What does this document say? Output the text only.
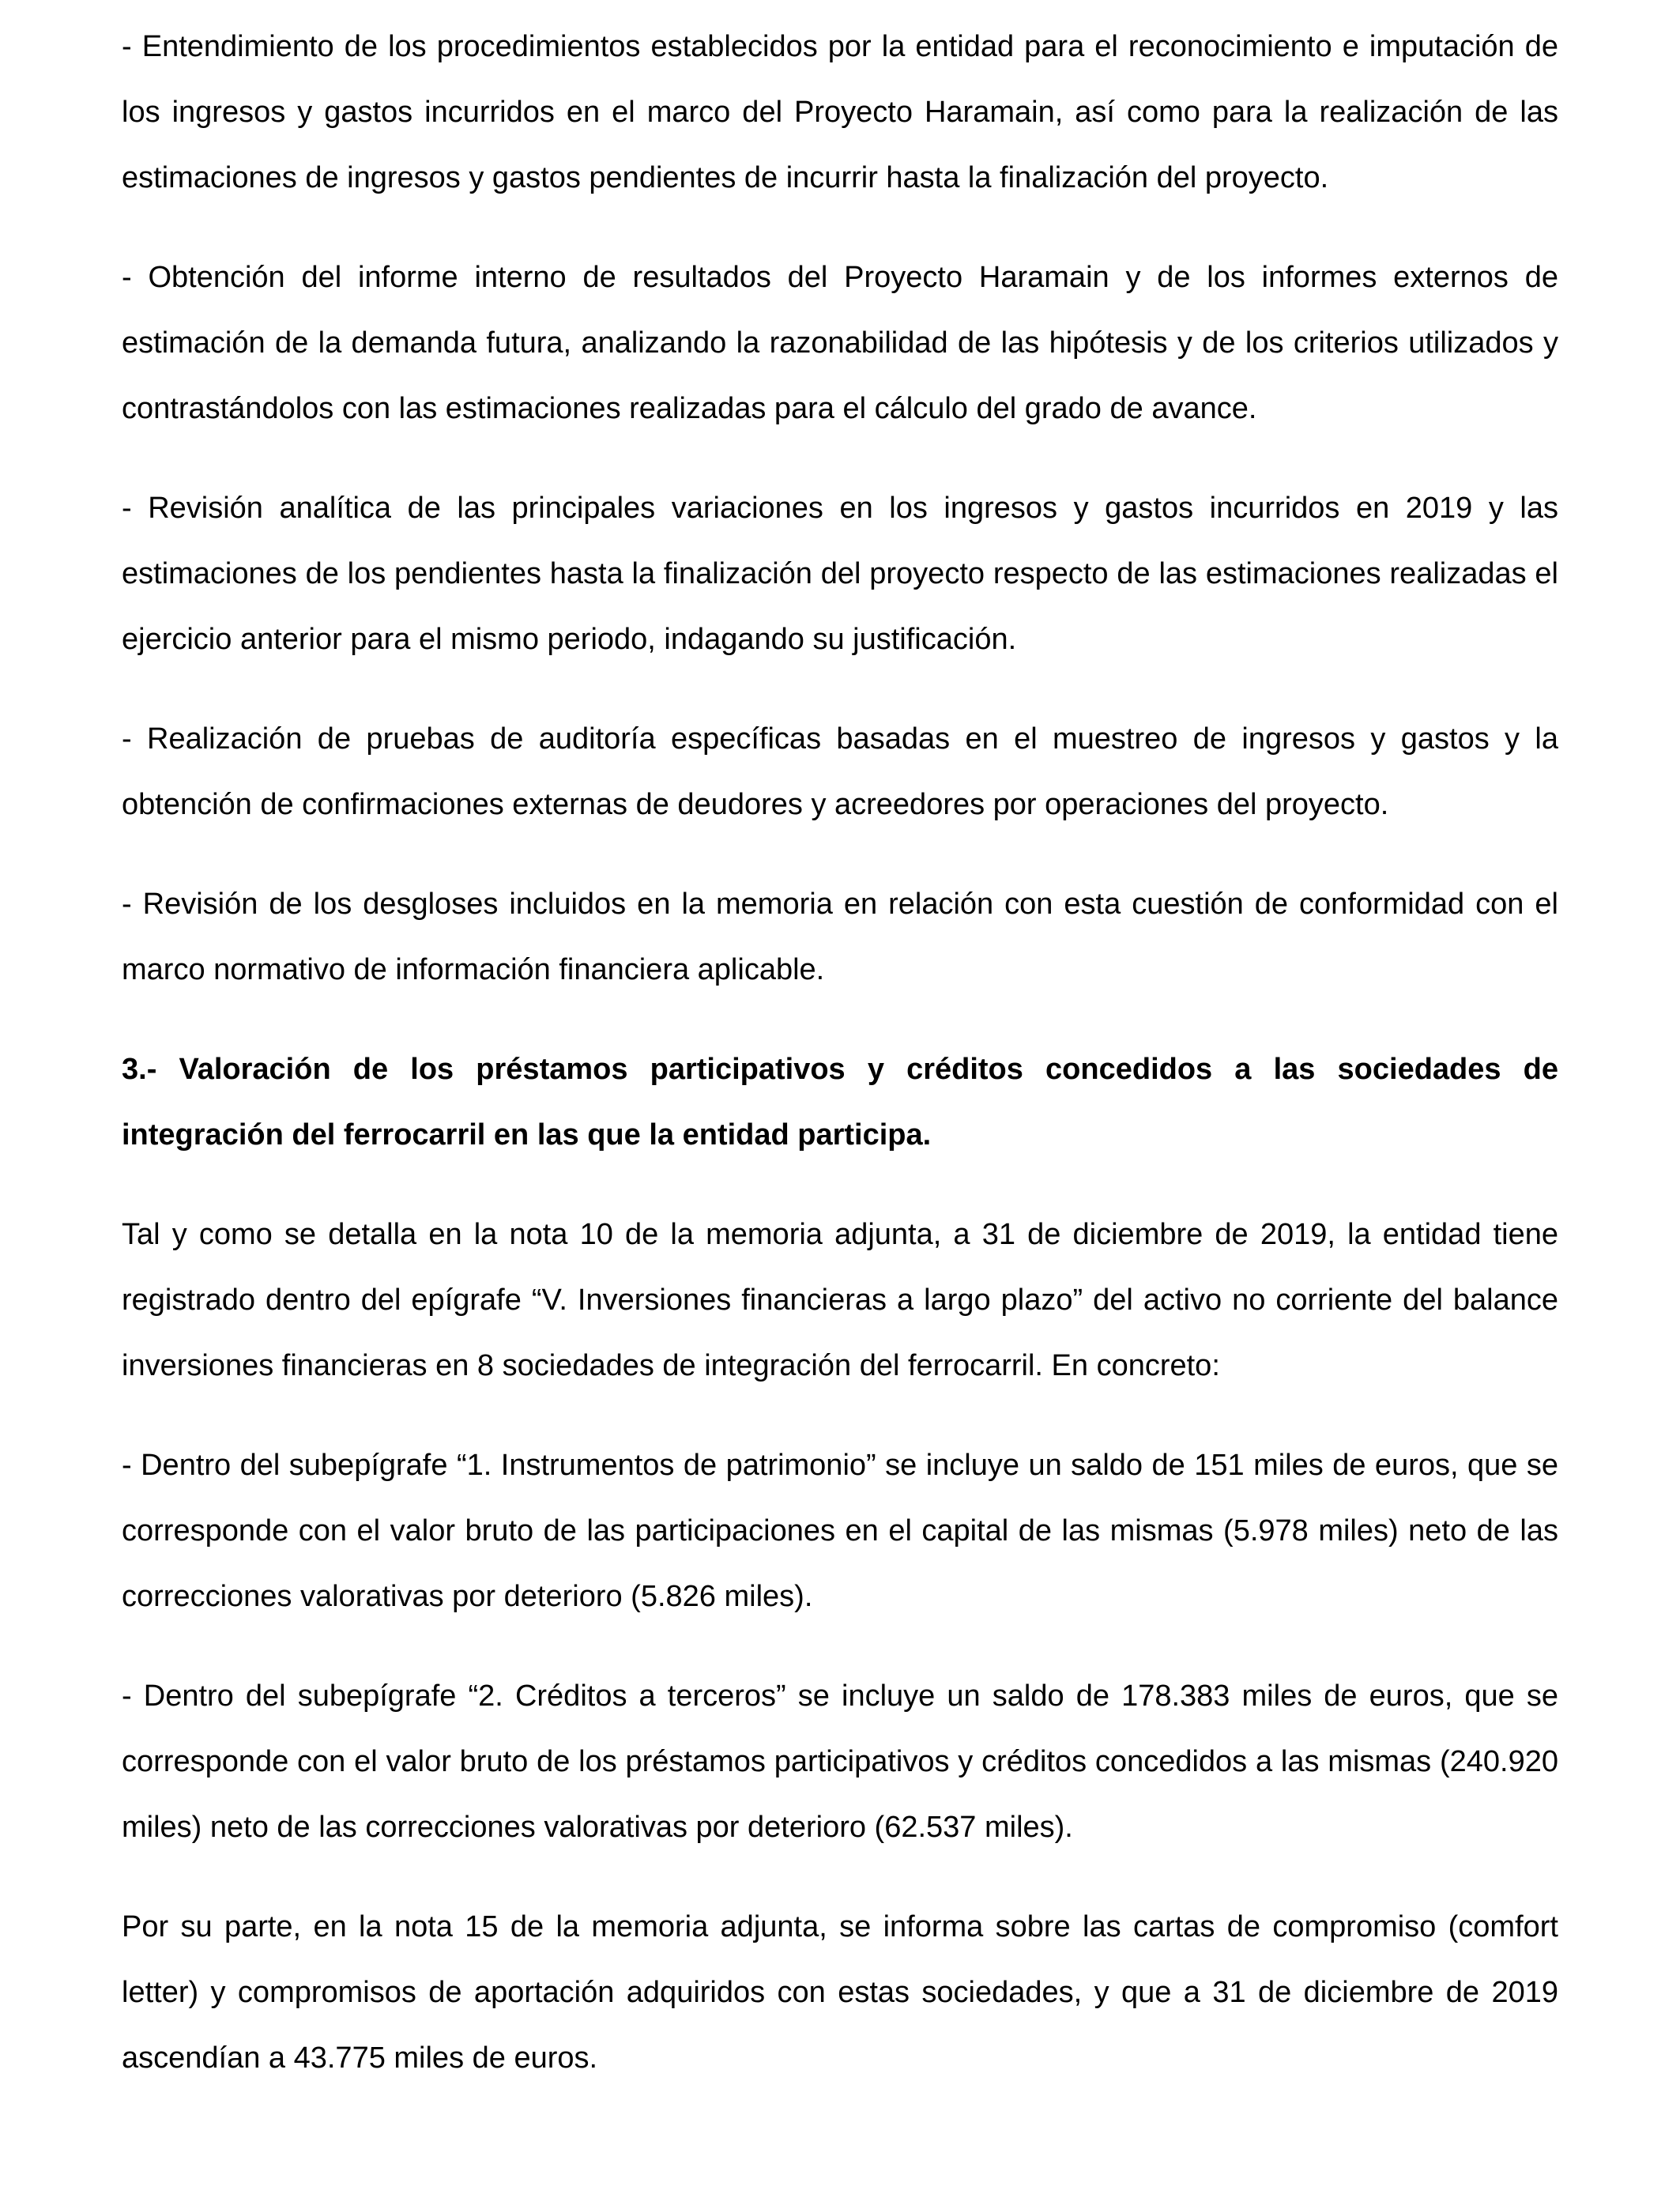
- Entendimiento de los procedimientos establecidos por la entidad para el reconocimiento e imputación de los ingresos y gastos incurridos en el marco del Proyecto Haramain, así como para la realización de las estimaciones de ingresos y gastos pendientes de incurrir hasta la finalización del proyecto.

- Obtención del informe interno de resultados del Proyecto Haramain y de los informes externos de estimación de la demanda futura, analizando la razonabilidad de las hipótesis y de los criterios utilizados y contrastándolos con las estimaciones realizadas para el cálculo del grado de avance.

- Revisión analítica de las principales variaciones en los ingresos y gastos incurridos en 2019 y las estimaciones de los pendientes hasta la finalización del proyecto respecto de las estimaciones realizadas el ejercicio anterior para el mismo periodo, indagando su justificación.

- Realización de pruebas de auditoría específicas basadas en el muestreo de ingresos y gastos y la obtención de confirmaciones externas de deudores y acreedores por operaciones del proyecto.

- Revisión de los desgloses incluidos en la memoria en relación con esta cuestión de conformidad con el marco normativo de información financiera aplicable.

3.- Valoración de los préstamos participativos y créditos concedidos a las sociedades de integración del ferrocarril en las que la entidad participa.

Tal y como se detalla en la nota 10 de la memoria adjunta, a 31 de diciembre de 2019, la entidad tiene registrado dentro del epígrafe “V. Inversiones financieras a largo plazo” del activo no corriente del balance inversiones financieras en 8 sociedades de integración del ferrocarril. En concreto:

- Dentro del subepígrafe “1. Instrumentos de patrimonio” se incluye un saldo de 151 miles de euros, que se corresponde con el valor bruto de las participaciones en el capital de las mismas (5.978 miles) neto de las correcciones valorativas por deterioro (5.826 miles).

- Dentro del subepígrafe “2. Créditos a terceros” se incluye un saldo de 178.383 miles de euros, que se corresponde con el valor bruto de los préstamos participativos y créditos concedidos a las mismas (240.920 miles) neto de las correcciones valorativas por deterioro (62.537 miles).

Por su parte, en la nota 15 de la memoria adjunta, se informa sobre las cartas de compromiso (comfort letter) y compromisos de aportación adquiridos con estas sociedades, y que a 31 de diciembre de 2019 ascendían a 43.775 miles de euros.
